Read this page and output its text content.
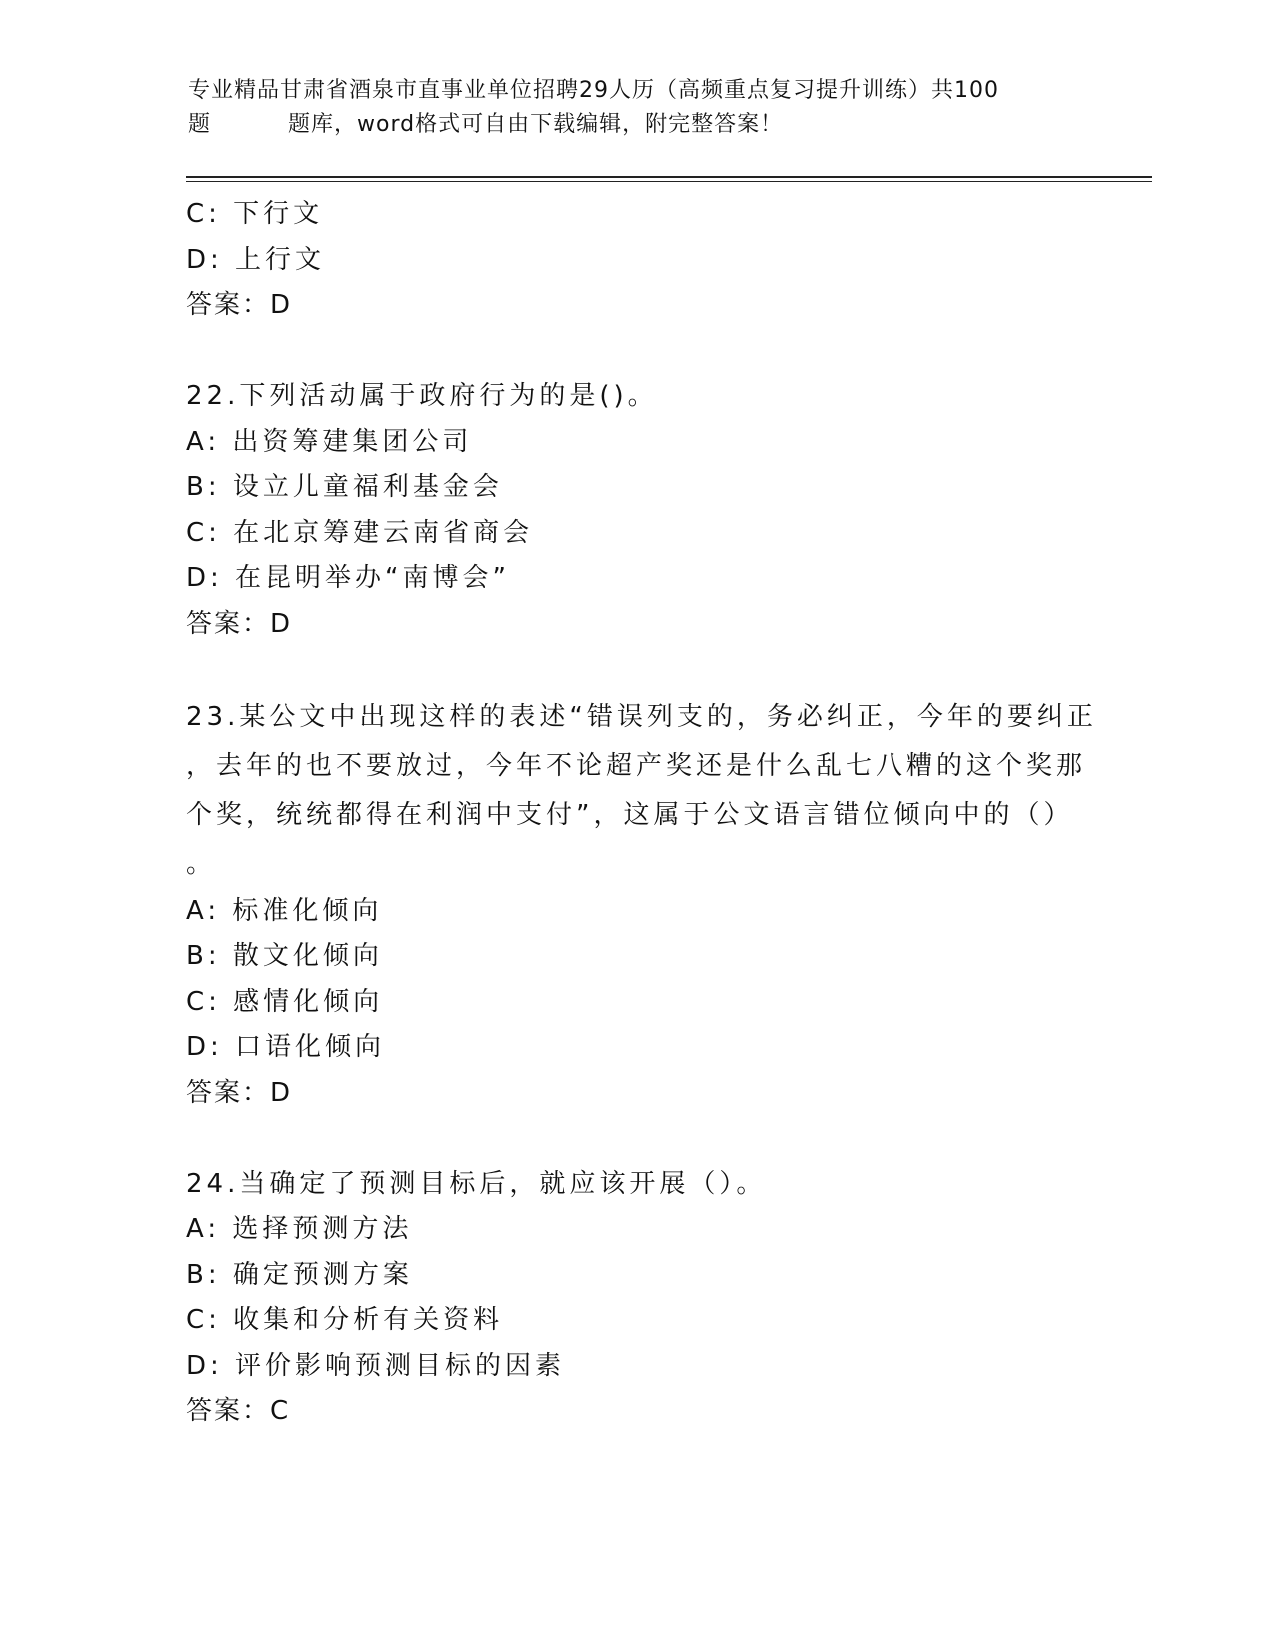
专业精品甘肃省酒泉市直事业单位招聘29人历（高频重点复习提升训练）共100
题	题库，word格式可自由下载编辑，附完整答案！
C: 下行文
D: 上行文
答案：D
22.下列活动属于政府行为的是()。
A: 出资筹建集团公司
B: 设立儿童福利基金会
C: 在北京筹建云南省商会
D: 在昆明举办“南博会”
答案：D
23.某公文中出现这样的表述“错误列支的，务必纠正，今年的要纠正
，去年的也不要放过，今年不论超产奖还是什么乱七八糟的这个奖那
个奖，统统都得在利润中支付”，这属于公文语言错位倾向中的（）
。
A: 标准化倾向
B: 散文化倾向
C: 感情化倾向
D: 口语化倾向
答案：D
24.当确定了预测目标后，就应该开展（）。
A: 选择预测方法
B: 确定预测方案
C: 收集和分析有关资料
D: 评价影响预测目标的因素
答案：C
